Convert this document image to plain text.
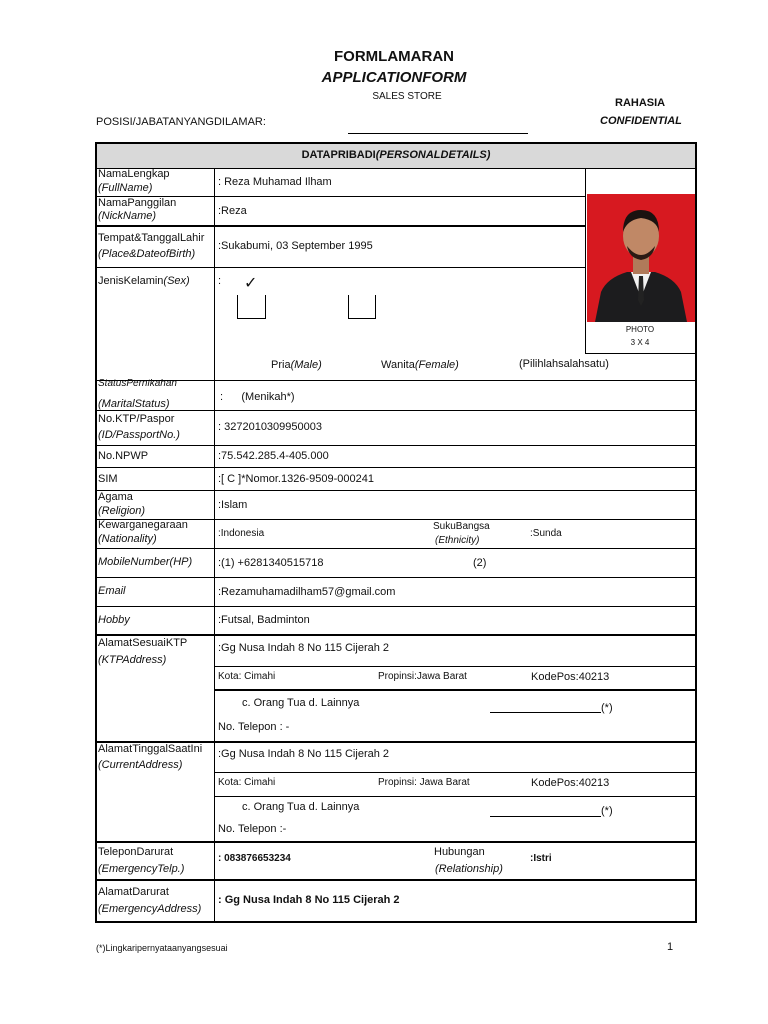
FORMLAMARAN
APPLICATIONFORM
SALES STORE
RAHASIA
CONFIDENTIAL
POSISI/JABATANYANGDILAMAR:
DATAPRIBADI(PERSONALDETAILS)
PHOTO
3 X 4
NamaLengkap
(FullName)	: Reza Muhamad Ilham
NamaPanggilan
(NickName)	:Reza
Tempat&TanggalLahir
(Place&DateofBirth)
:Sukabumi, 03 September 1995
JenisKelamin(Sex)	: ✓
Pria(Male)	Wanita(Female)	(Pilihlahsalahsatu)
StatusPernikahan
(MaritalStatus)
:      (Menikah*)
No.KTP/Paspor
(ID/PassportNo.)
: 3272010309950003
No.NPWP	:75.542.285.4-405.000
SIM	:[ C ]*Nomor.1326-9509-000241
Agama
(Religion)	:Islam
Kewarganegaraan
(Nationality)	:Indonesia
SukuBangsa
(Ethnicity)
:Sunda
MobileNumber(HP) :(1) +6281340515718	(2)
Email	:Rezamuhamadilham57@gmail.com
Hobby	:Futsal, Badminton
AlamatSesuaiKTP
(KTPAddress)
:Gg Nusa Indah 8 No 115 Cijerah 2
Kota: Cimahi	Propinsi:Jawa Barat	KodePos:40213
c. Orang Tua d. Lainnya	(*)
No. Telepon : -
AlamatTinggalSaatIni
(CurrentAddress)
:Gg Nusa Indah 8 No 115 Cijerah 2
Kota: Cimahi	Propinsi: Jawa Barat	KodePos:40213
c. Orang Tua d. Lainnya	(*)
No. Telepon :-
TeleponDarurat
(EmergencyTelp.)
: 083876653234
Hubungan
(Relationship)
:Istri
AlamatDarurat
(EmergencyAddress)
: Gg Nusa Indah 8 No 115 Cijerah 2
(*)Lingkaripernyataanyangsesuai	1
